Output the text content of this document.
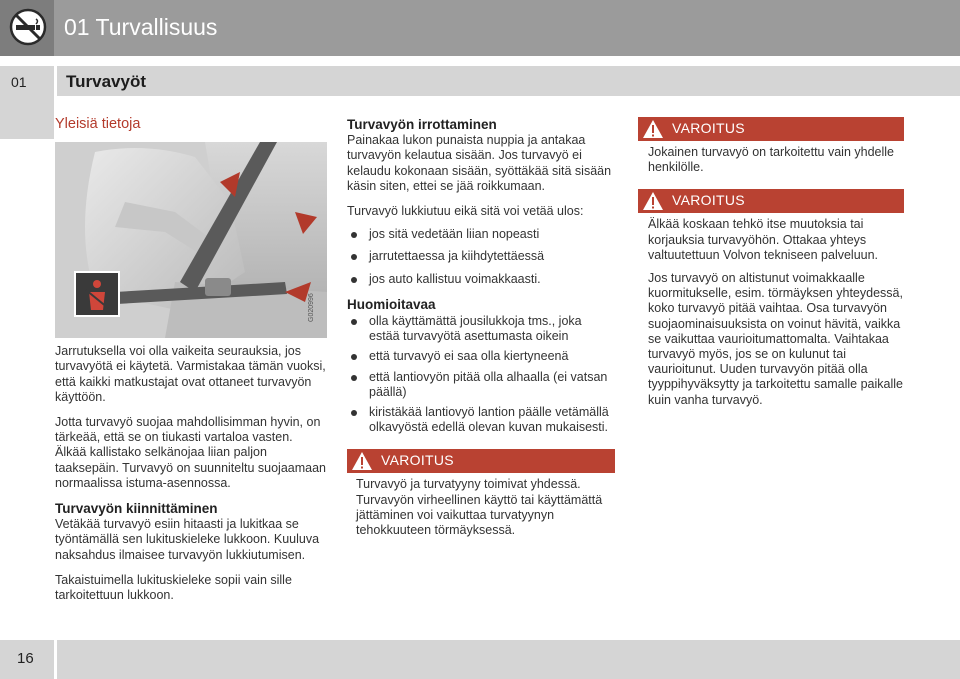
01 Turvallisuus
01 Turvavyöt
Yleisiä tietoja
G020996

Jarrutuksella voi olla vaikeita seurauksia, jos turvavyötä ei käytetä. Varmistakaa tämän vuoksi, että kaikki matkustajat ovat ottaneet turvavyön käyttöön.

Jotta turvavyö suojaa mahdollisimman hyvin, on tärkeää, että se on tiukasti vartaloa vasten. Älkää kallistako selkänojaa liian paljon taaksepäin. Turvavyö on suunniteltu suojaamaan normaalissa istuma-asennossa.

Turvavyön kiinnittäminen

Vetäkää turvavyö esiin hitaasti ja lukitkaa se työntämällä sen lukituskieleke lukkoon. Kuuluva naksahdus ilmaisee turvavyön lukkiutumisen.

Takaistuimella lukituskieleke sopii vain sille tarkoitettuun lukkoon.

Turvavyön irrottaminen

Painakaa lukon punaista nuppia ja antakaa turvavyön kelautua sisään. Jos turvavyö ei kelaudu kokonaan sisään, syöttäkää sitä sisään käsin siten, ettei se jää roikkumaan.

Turvavyö lukkiutuu eikä sitä voi vetää ulos:

jos sitä vedetään liian nopeasti
jarrutettaessa ja kiihdytettäessä
jos auto kallistuu voimakkaasti.
Huomioitavaa
olla käyttämättä jousilukkoja tms., joka estää turvavyötä asettumasta oikein
että turvavyö ei saa olla kiertyneenä
että lantiovyön pitää olla alhaalla (ei vatsan päällä)
kiristäkää lantiovyö lantion päälle vetämällä olkavyöstä edellä olevan kuvan mukaisesti.
VAROITUS

Turvavyö ja turvatyyny toimivat yhdessä. Turvavyön virheellinen käyttö tai käyttämättä jättäminen voi vaikuttaa turvatyynyn tehokkuuteen törmäyksessä.

VAROITUS

Jokainen turvavyö on tarkoitettu vain yhdelle henkilölle.

VAROITUS

Älkää koskaan tehkö itse muutoksia tai korjauksia turvavyöhön. Ottakaa yhteys valtuutettuun Volvon tekniseen palveluun.

Jos turvavyö on altistunut voimakkaalle kuormitukselle, esim. törmäyksen yhteydessä, koko turvavyö pitää vaihtaa. Osa turvavyön suojaominaisuuksista on voinut hävitä, vaikka se vaikuttaa vaurioitumattomalta. Vaihtakaa turvavyö myös, jos se on kulunut tai vaurioitunut. Uuden turvavyön pitää olla tyyppihyväksytty ja tarkoitettu samalle paikalle kuin vanha turvavyö.

16
